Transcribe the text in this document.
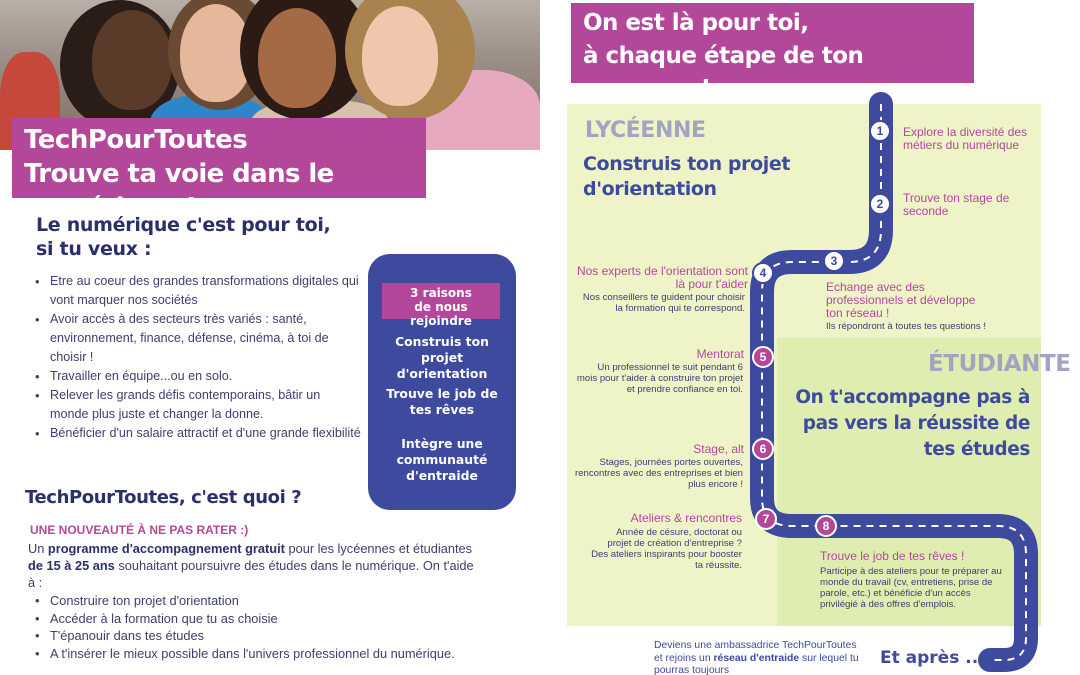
TechPourToutes
Trouve ta voie dans le numérique !
Le numérique c'est pour toi,
si tu veux :
• Etre au coeur des grandes transformations digitales qui vont marquer nos sociétés
• Avoir accès à des secteurs très variés : santé, environnement, finance, défense, cinéma, à toi de choisir !
• Travailler en équipe...ou en solo.
• Relever les grands défis contemporains, bâtir un monde plus juste et changer la donne.
• Bénéficier d'un salaire attractif et d'une grande flexibilité
3 raisons
de nous rejoindre
Construis ton projet d'orientation
Trouve le job de tes rêves
Intègre une communauté d'entraide
TechPourToutes, c'est quoi ?
UNE NOUVEAUTÉ À NE PAS RATER :)
Un programme d'accompagnement gratuit pour les lycéennes et étudiantes de 15 à 25 ans souhaitant poursuivre des études dans le numérique. On t'aide à :
• Construire ton projet d'orientation
• Accéder à la formation que tu as choisie
• T'épanouir dans tes études
• A t'insérer le mieux possible dans l'univers professionnel du numérique.
On est là pour toi,
à chaque étape de ton parcours !
LYCÉENNE
Construis ton projet d'orientation
ÉTUDIANTE
On t'accompagne pas à pas vers la réussite de tes études
1
2
3
4
5
6
7	8
Explore la diversité des métiers du numérique
Trouve ton stage de seconde
Echange avec des professionnels et développe ton réseau !
Ils répondront à toutes tes questions !
Nos experts de l'orientation sont là pour t'aider
Nos conseillers te guident pour choisir la formation qui te correspond.
Mentorat
Un professionnel te suit pendant 6 mois pour t'aider à construire ton projet et prendre confiance en toi.
Stage, alt
Stages, journées portes ouvertes, rencontres avec des entreprises et bien plus encore !
Ateliers & rencontres
Année de césure, doctorat ou projet de création d'entreprise ? Des ateliers inspirants pour booster ta réussite.
Trouve le job de tes rêves !
Participe à des ateliers pour te préparer au monde du travail (cv, entretiens, prise de parole, etc.) et bénéficie d'un accès privilégié à des offres d'emplois.
Deviens une ambassadrice TechPourToutes et rejoins un réseau d'entraide sur lequel tu pourras toujours
Et après ....
